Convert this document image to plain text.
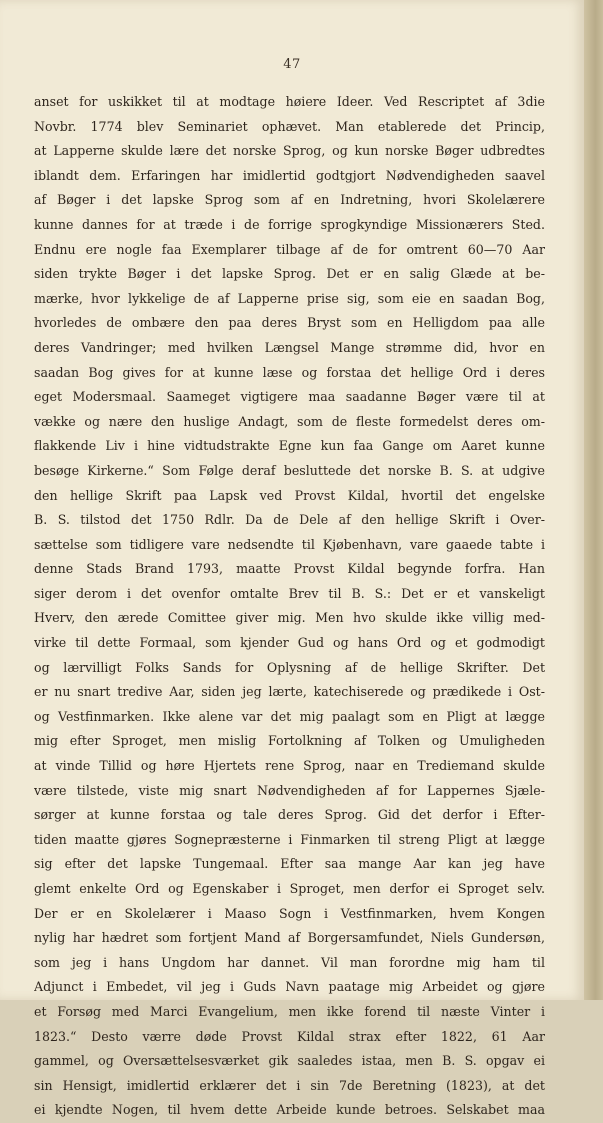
47
anset for uskikket til at modtage høiere Ideer. Ved Rescriptet af 3die
Novbr. 1774 blev Seminariet ophævet. Man etablerede det Princip,
at Lapperne skulde lære det norske Sprog, og kun norske Bøger udbredtes
iblandt dem. Erfaringen har imidlertid godtgjort Nødvendigheden saavel
af Bøger i det lapske Sprog som af en Indretning, hvori Skolelærere
kunne dannes for at træde i de forrige sprogkyndige Missionærers Sted.
Endnu ere nogle faa Exemplarer tilbage af de for omtrent 60—70 Aar
siden trykte Bøger i det lapske Sprog. Det er en salig Glæde at be-
mærke, hvor lykkelige de af Lapperne prise sig, som eie en saadan Bog,
hvorledes de ombære den paa deres Bryst som en Helligdom paa alle
deres Vandringer; med hvilken Længsel Mange strømme did, hvor en
saadan Bog gives for at kunne læse og forstaa det hellige Ord i deres
eget Modersmaal. Saameget vigtigere maa saadanne Bøger være til at
vække og nære den huslige Andagt, som de fleste formedelst deres om-
flakkende Liv i hine vidtudstrakte Egne kun faa Gange om Aaret kunne
besøge Kirkerne.“ Som Følge deraf besluttede det norske B. S. at udgive
den hellige Skrift paa Lapsk ved Provst Kildal, hvortil det engelske
B. S. tilstod det 1750 Rdlr. Da de Dele af den hellige Skrift i Over-
sættelse som tidligere vare nedsendte til Kjøbenhavn, vare gaaede tabte i
denne Stads Brand 1793, maatte Provst Kildal begynde forfra. Han
siger derom i det ovenfor omtalte Brev til B. S.: Det er et vanskeligt
Hverv, den ærede Comittee giver mig. Men hvo skulde ikke villig med-
virke til dette Formaal, som kjender Gud og hans Ord og et godmodigt
og lærvilligt Folks Sands for Oplysning af de hellige Skrifter. Det
er nu snart tredive Aar, siden jeg lærte, katechiserede og prædikede i Ost-
og Vestfinmarken. Ikke alene var det mig paalagt som en Pligt at lægge
mig efter Sproget, men mislig Fortolkning af Tolken og Umuligheden
at vinde Tillid og høre Hjertets rene Sprog, naar en Trediemand skulde
være tilstede, viste mig snart Nødvendigheden af for Lappernes Sjæle-
sørger at kunne forstaa og tale deres Sprog. Gid det derfor i Efter-
tiden maatte gjøres Sognepræsterne i Finmarken til streng Pligt at lægge
sig efter det lapske Tungemaal. Efter saa mange Aar kan jeg have
glemt enkelte Ord og Egenskaber i Sproget, men derfor ei Sproget selv.
Der er en Skolelærer i Maaso Sogn i Vestfinmarken, hvem Kongen
nylig har hædret som fortjent Mand af Borgersamfundet, Niels Gundersøn,
som jeg i hans Ungdom har dannet. Vil man forordne mig ham til
Adjunct i Embedet, vil jeg i Guds Navn paatage mig Arbeidet og gjøre
et Forsøg med Marci Evangelium, men ikke forend til næste Vinter i
1823.“ Desto værre døde Provst Kildal strax efter 1822, 61 Aar
gammel, og Oversættelsesværket gik saaledes istaa, men B. S. opgav ei
sin Hensigt, imidlertid erklærer det i sin 7de Beretning (1823), at det
ei kjendte Nogen, til hvem dette Arbeide kunde betroes. Selskabet maa
